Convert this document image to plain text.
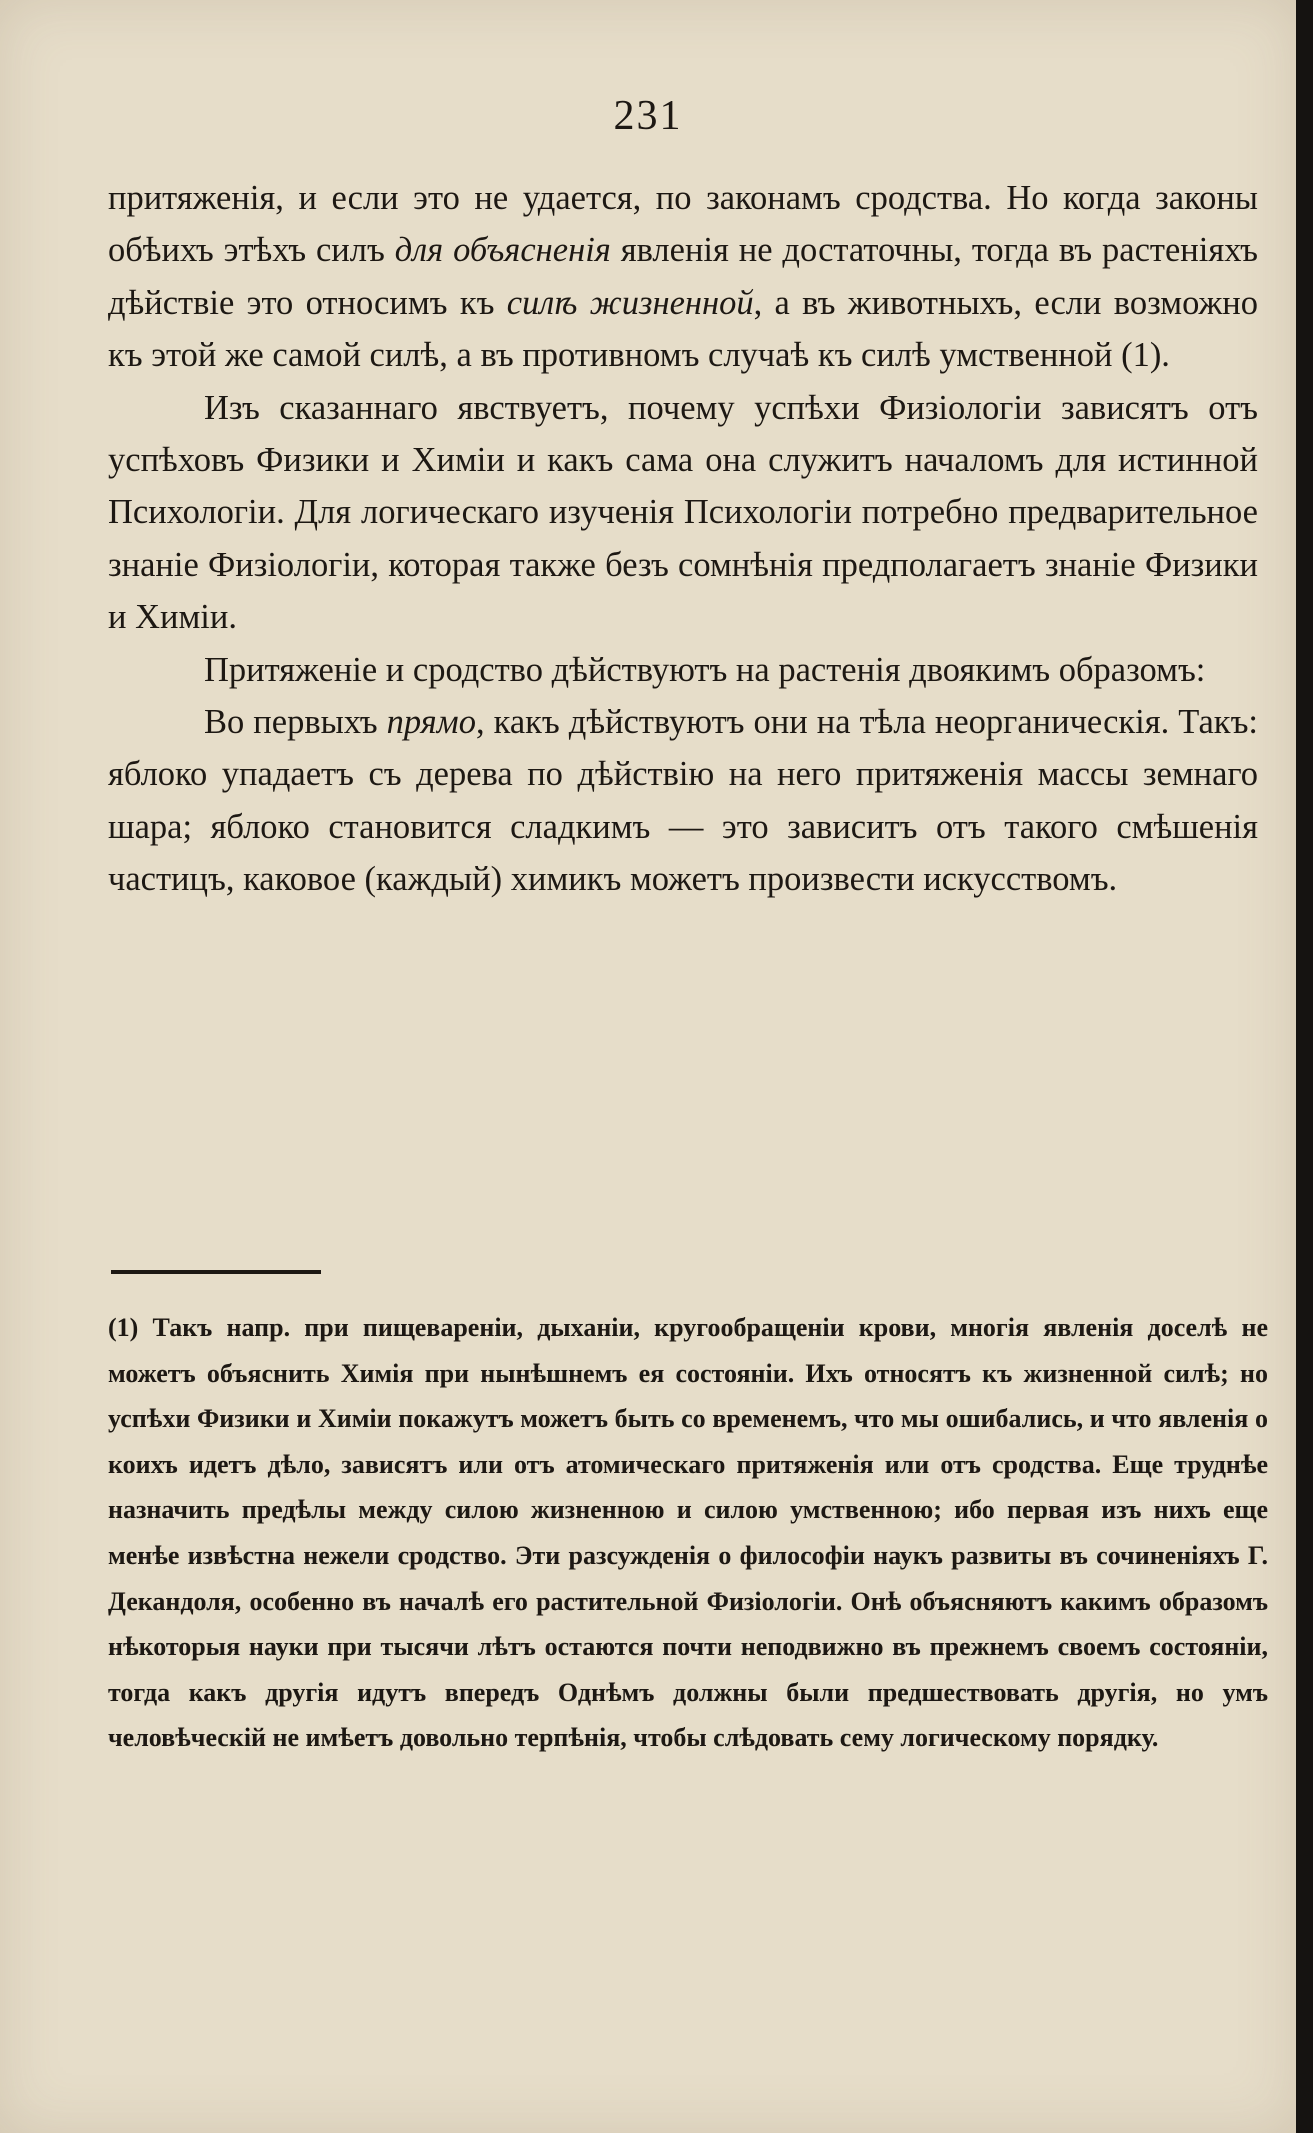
231

притяженія, и если это не удается, по законамъ сродства. Но когда законы обѣихъ этѣхъ силъ для объясненія явленія не достаточны, тогда въ растеніяхъ дѣйствіе это относимъ къ силѣ жизненной, а въ животныхъ, если возможно къ этой же самой силѣ, а въ противномъ случаѣ къ силѣ умственной (1).

Изъ сказаннаго явствуетъ, почему успѣхи Физіологіи зависятъ отъ успѣховъ Физики и Химіи и какъ сама она служитъ началомъ для истинной Психологіи. Для логическаго изученія Психологіи потребно предварительное знаніе Физіологіи, которая также безъ сомнѣнія предполагаетъ знаніе Физики и Химіи.

Притяженіе и сродство дѣйствуютъ на растенія двоякимъ образомъ:

Во первыхъ прямо, какъ дѣйствуютъ они на тѣла неорганическія. Такъ: яблоко упадаетъ съ дерева по дѣйствію на него притяженія массы земнаго шара; яблоко становится сладкимъ — это зависитъ отъ такого смѣшенія частицъ, каковое (каждый) химикъ можетъ произвести искусствомъ.

(1) Такъ напр. при пищевареніи, дыханіи, кругообращеніи крови, многія явленія доселѣ не можетъ объяснить Химія при нынѣшнемъ ея состояніи. Ихъ относятъ къ жизненной силѣ; но успѣхи Физики и Химіи покажутъ можетъ быть со временемъ, что мы ошибались, и что явленія о коихъ идетъ дѣло, зависятъ или отъ атомическаго притяженія или отъ сродства. Еще труднѣе назначить предѣлы между силою жизненною и силою умственною; ибо первая изъ нихъ еще менѣе извѣстна нежели сродство. Эти разсужденія о философіи наукъ развиты въ сочиненіяхъ Г. Декандоля, особенно въ началѣ его растительной Физіологіи. Онѣ объясняютъ какимъ образомъ нѣкоторыя науки при тысячи лѣтъ остаются почти неподвижно въ прежнемъ своемъ состояніи, тогда какъ другія идутъ впередъ Однѣмъ должны были предшествовать другія, но умъ человѣческій не имѣетъ довольно терпѣнія, чтобы слѣдовать сему логическому порядку.
